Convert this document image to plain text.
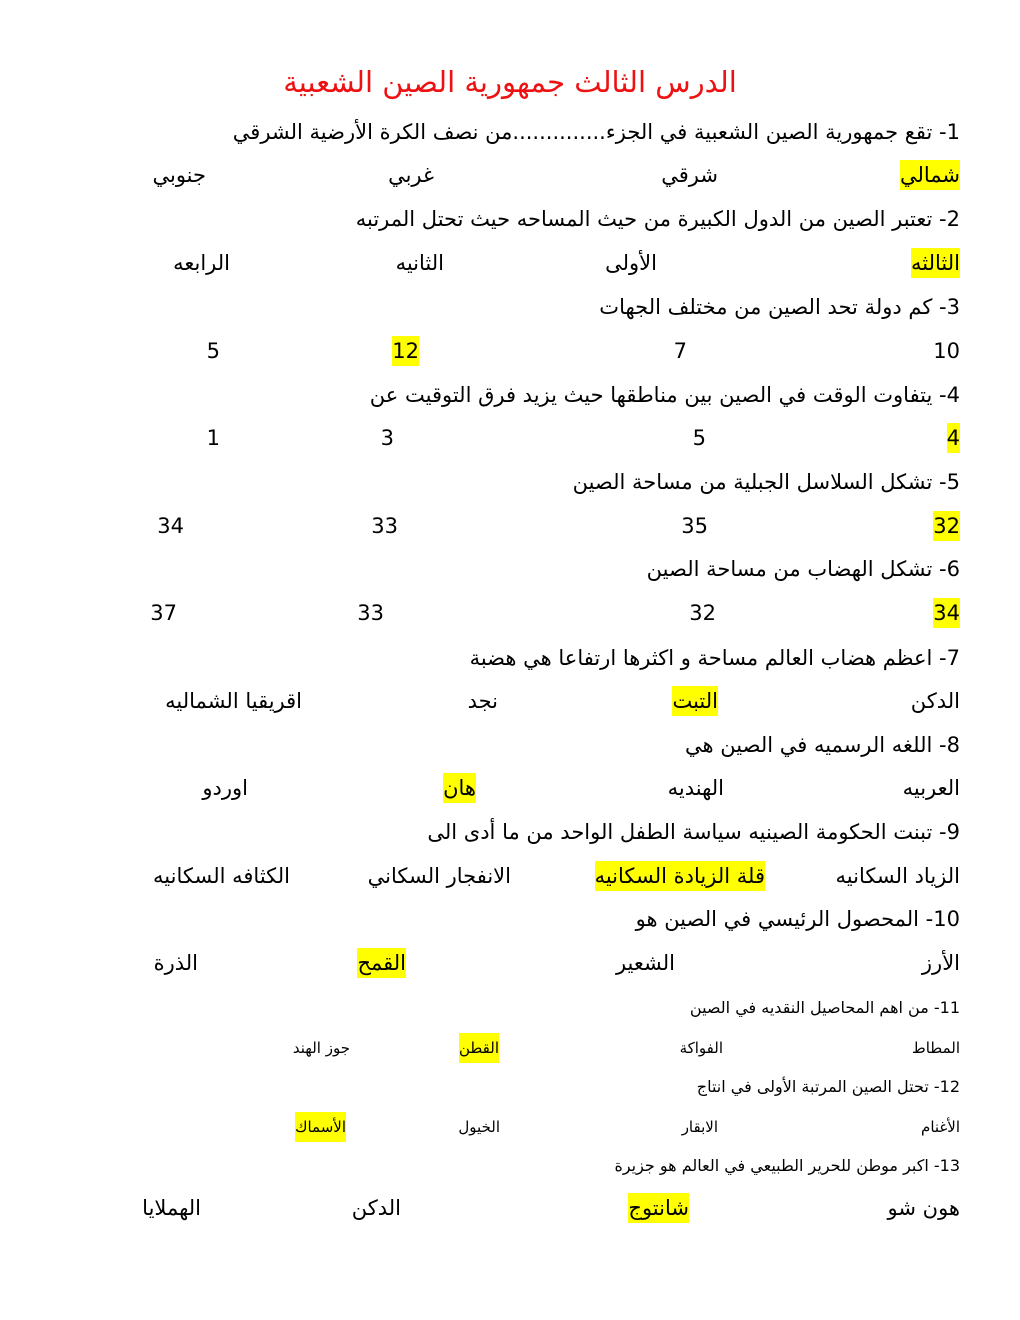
الدرس الثالث جمهورية الصين الشعبية
1- تقع جمهورية الصين الشعبية في الجزء..............من نصف الكرة الأرضية الشرقي
شمالي
شرقي
غربي
جنوبي
2- تعتبر الصين من الدول الكبيرة من حيث المساحه حيث تحتل المرتبه
الثالثه
الأولى
الثانيه
الرابعه
3- كم دولة تحد الصين من مختلف الجهات
10
7
12
5
4- يتفاوت الوقت في الصين بين مناطقها حيث يزيد فرق التوقيت عن
4
5
3
1
5- تشكل السلاسل الجبلية من مساحة الصين
32
35
33
34
6- تشكل الهضاب من مساحة الصين
34
32
33
37
7- اعظم هضاب العالم مساحة و اكثرها ارتفاعا هي هضبة
الدكن
التبت
نجد
اقريقيا الشماليه
8- اللغه الرسميه في الصين هي
العربيه
الهنديه
هان
اوردو
9- تبنت الحكومة الصينيه سياسة الطفل الواحد من ما أدى الى
الزياد السكانيه
قلة الزيادة السكانيه
الانفجار السكاني
الكثافه السكانيه
10- المحصول الرئيسي في الصين هو
الأرز
الشعير
القمح
الذرة
11- من اهم المحاصيل النقديه في الصين
المطاط
الفواكة
القطن
جوز الهند
12- تحتل الصين المرتبة الأولى في انتاج
الأغنام
الابقار
الخيول
الأسماك
13- اكبر موطن للحرير الطبيعي في العالم هو جزيرة
هون شو
شانتوج
الدكن
الهملايا
